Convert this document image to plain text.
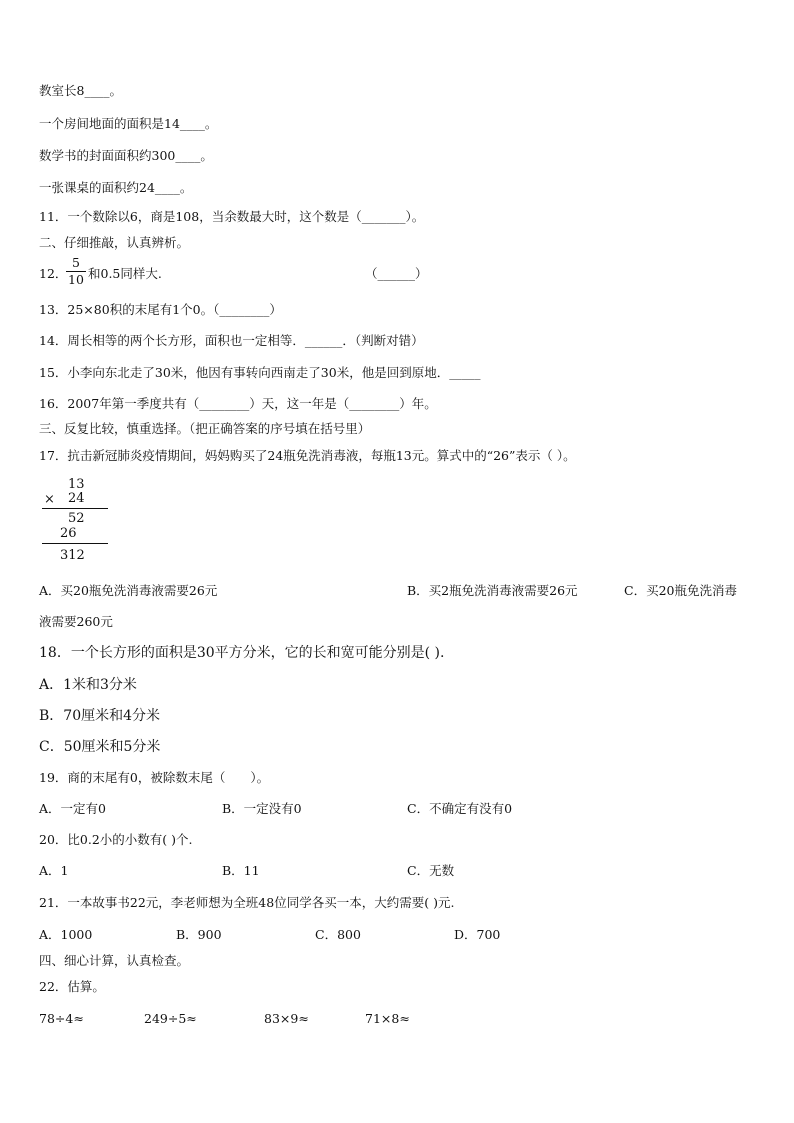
教室长8____。
一个房间地面的面积是14____。
数学书的封面面积约300____。
一张课桌的面积约24____。
11．一个数除以6，商是108，当余数最大时，这个数是（_______）。
二、仔细推敲，认真辨析。
12．
5
10 和0.5同样大.	（______）
13．25×80积的末尾有1个0。（________）
14．周长相等的两个长方形，面积也一定相等．______．（判断对错）
15．小李向东北走了30米，他因有事转向西南走了30米，他是回到原地．_____
16．2007年第一季度共有（________）天，这一年是（________）年。
三、反复比较，慎重选择。（把正确答案的序号填在括号里）
17．抗击新冠肺炎疫情期间，妈妈购买了24瓶免洗消毒液，每瓶13元。算式中的“26”表示（ ）。
13
× 24
52
26
312
A．买20瓶免洗消毒液需要26元	B．买2瓶免洗消毒液需要26元	C．买20瓶免洗消毒
液需要260元
18．一个长方形的面积是30平方分米，它的长和宽可能分别是( ).
A．1米和3分米
B．70厘米和4分米
C．50厘米和5分米
19．商的末尾有0，被除数末尾（　　）。
A．一定有0	B．一定没有0	C．不确定有没有0
20．比0.2小的小数有( )个.
A．1	B．11	C．无数
21．一本故事书22元，李老师想为全班48位同学各买一本，大约需要( )元.
A．1000	B．900	C．800	D．700
四、细心计算，认真检查。
22．估算。
78÷4≈	249÷5≈	83×9≈	71×8≈
